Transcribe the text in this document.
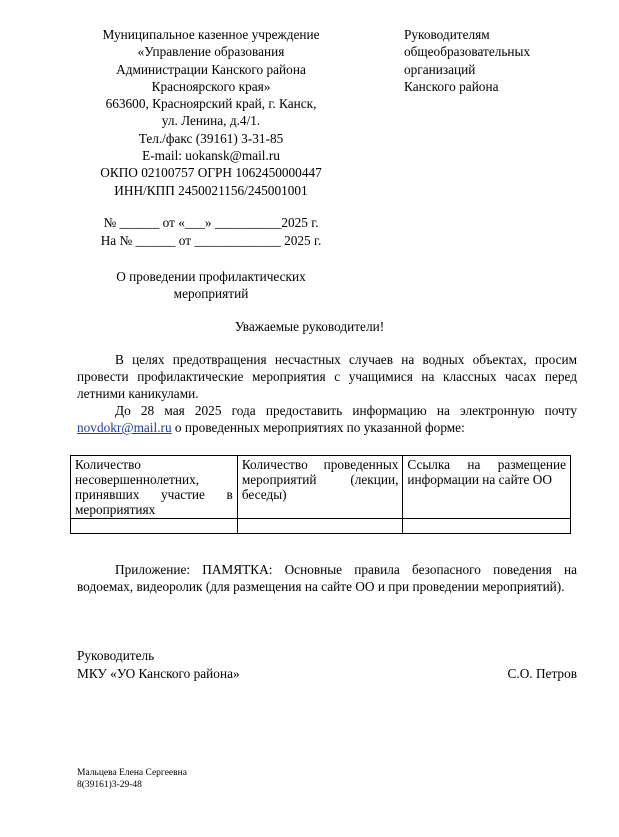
Муниципальное казенное учреждение
«Управление образования
Администрации Канского района
Красноярского края»
663600, Красноярский край, г. Канск,
ул. Ленина, д.4/1.
Тел./факс (39161) 3-31-85
E-mail: uokansk@mail.ru
ОКПО 02100757 ОГРН 1062450000447
ИНН/КПП 2450021156/245001001
Руководителям
общеобразовательных
организаций
Канского района
№ ______ от «___» __________2025 г.
На № ______ от _____________ 2025 г.
О проведении профилактических
мероприятий
Уважаемые руководители!

В целях предотвращения несчастных случаев на водных объектах, просим провести профилактические мероприятия с учащимися на классных часах перед летними каникулами.

До 28 мая 2025 года предоставить информацию на электронную почту novdokr@mail.ru о проведенных мероприятиях по указанной форме:

Количество несовершеннолетних, принявших участие в мероприятиях	Количество проведенных мероприятий (лекции, беседы)	Ссылка на размещение информации на сайте ОО

Приложение: ПАМЯТКА: Основные правила безопасного поведения на водоемах, видеоролик (для размещения на сайте ОО и при проведении мероприятий).

Руководитель
МКУ «УО Канского района»	С.О. Петров
Мальцева Елена Сергеевна
8(39161)3-29-48
